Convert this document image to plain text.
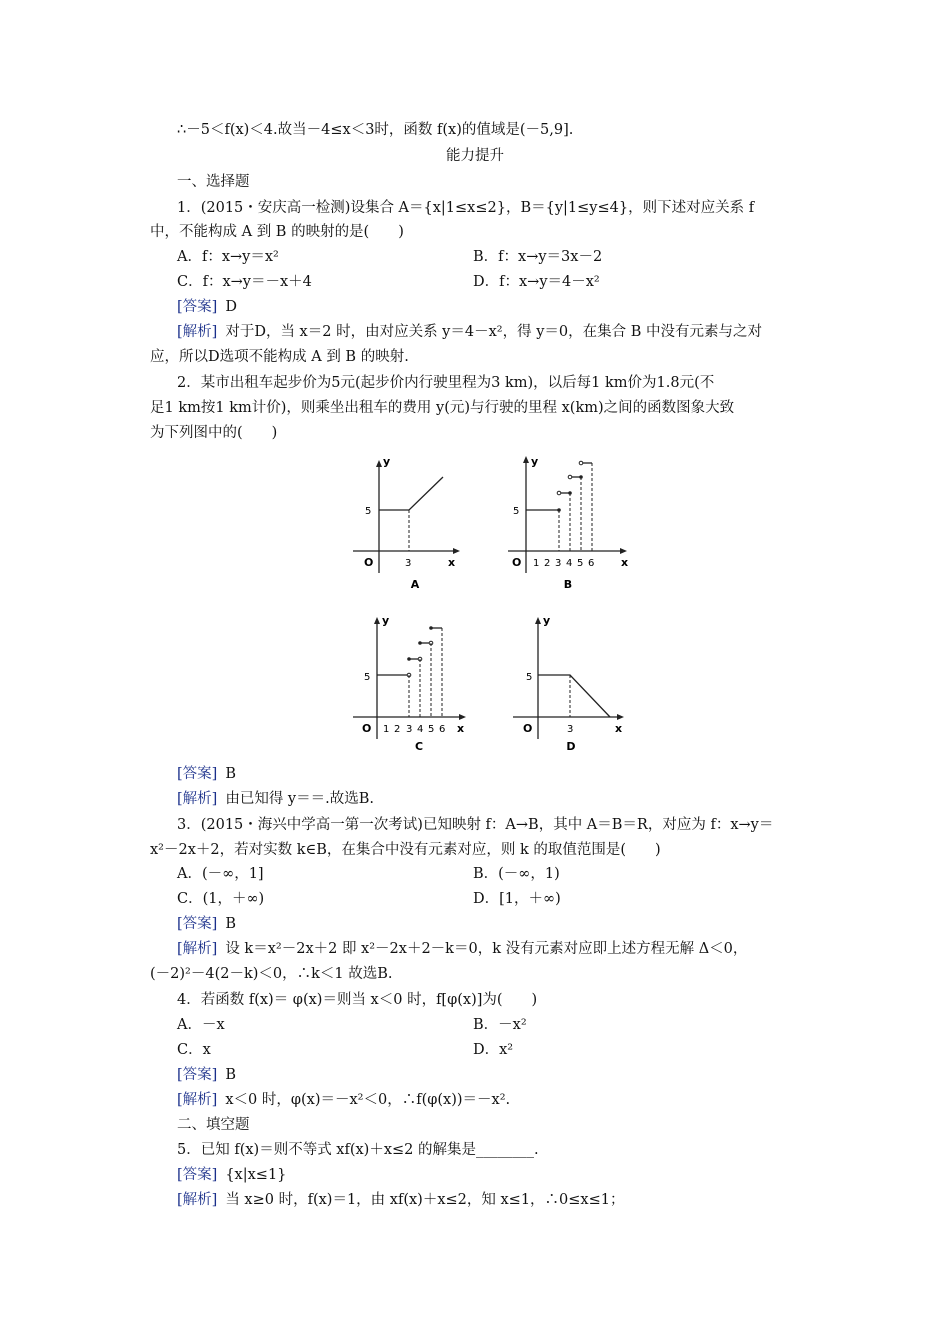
∴－5＜f(x)＜4.故当－4≤x＜3时，函数 f(x)的值域是(－5,9].
能力提升
一、选择题
1．(2015・安庆高一检测)设集合 A＝{x|1≤x≤2}，B＝{y|1≤y≤4}，则下述对应关系 f
中，不能构成 A 到 B 的映射的是(　　)
A．f：x→y＝x²	B．f：x→y＝3x－2
C．f：x→y＝－x＋4	D．f：x→y＝4－x²
[答案] D
[解析] 对于D，当 x＝2 时，由对应关系 y＝4－x²，得 y＝0，在集合 B 中没有元素与之对
应，所以D选项不能构成 A 到 B 的映射.
2．某市出租车起步价为5元(起步价内行驶里程为3 km)，以后每1 km价为1.8元(不
足1 km按1 km计价)，则乘坐出租车的费用 y(元)与行驶的里程 x(km)之间的函数图象大致
为下列图中的(　　)
y
x
O
5
3
A
y
x
O
5
1 2 3 4 5 6
B
y
x
O
5
1 2 3 4 5 6
C
y
x
O
5
3
D
[答案] B
[解析] 由已知得 y＝＝.故选B.
3．(2015・海兴中学高一第一次考试)已知映射 f：A→B，其中 A＝B＝R，对应为 f：x→y＝
x²－2x＋2，若对实数 k∈B，在集合中没有元素对应，则 k 的取值范围是(　　)
A．(－∞，1]	B．(－∞，1)
C．(1，＋∞)	D．[1，＋∞)
[答案] B
[解析] 设 k＝x²－2x＋2 即 x²－2x＋2－k＝0，k 没有元素对应即上述方程无解 Δ＜0，
(－2)²－4(2－k)＜0，∴k＜1 故选B.
4．若函数 f(x)＝ φ(x)＝则当 x＜0 时，f[φ(x)]为(　　)
A．－x	B．－x²
C．x	D．x²
[答案] B
[解析] x＜0 时，φ(x)＝－x²＜0，∴f(φ(x))＝－x².
二、填空题
5．已知 f(x)＝则不等式 xf(x)＋x≤2 的解集是________.
[答案] {x|x≤1}
[解析] 当 x≥0 时，f(x)＝1，由 xf(x)＋x≤2，知 x≤1，∴0≤x≤1；
